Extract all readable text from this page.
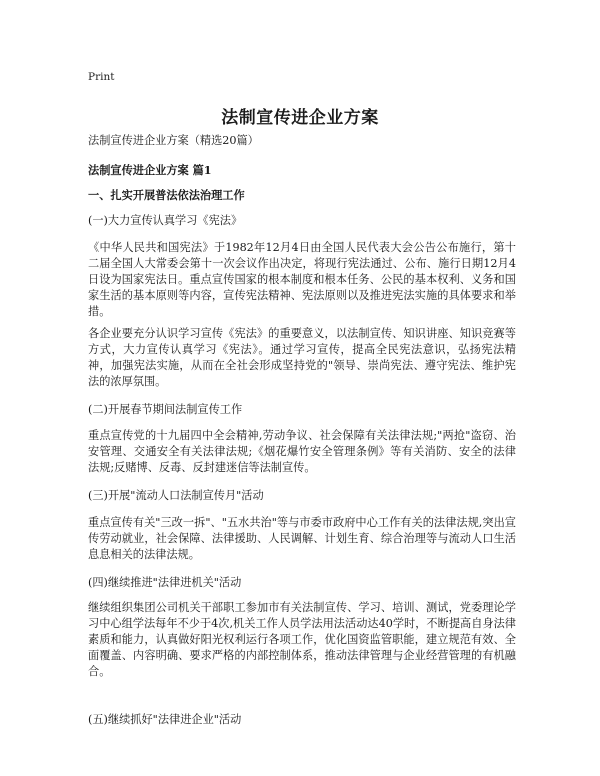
Print
法制宣传进企业方案
法制宣传进企业方案（精选20篇）
法制宣传进企业方案 篇1
一、扎实开展普法依法治理工作
(一)大力宣传认真学习《宪法》
《中华人民共和国宪法》于1982年12月4日由全国人民代表大会公告公布施行，第十二届全国人大常委会第十一次会议作出决定，将现行宪法通过、公布、施行日期12月4日设为国家宪法日。重点宣传国家的根本制度和根本任务、公民的基本权利、义务和国家生活的基本原则等内容，宣传宪法精神、宪法原则以及推进宪法实施的具体要求和举措。
各企业要充分认识学习宣传《宪法》的重要意义，以法制宣传、知识讲座、知识竞赛等方式，大力宣传认真学习《宪法》。通过学习宣传，提高全民宪法意识，弘扬宪法精神，加强宪法实施，从而在全社会形成坚持党的"领导、崇尚宪法、遵守宪法、维护宪法的浓厚氛围。
(二)开展春节期间法制宣传工作
重点宣传党的十九届四中全会精神,劳动争议、社会保障有关法律法规;"两抢"盗窃、治安管理、交通安全有关法律法规;《烟花爆竹安全管理条例》等有关消防、安全的法律法规;反赌博、反毒、反封建迷信等法制宣传。
(三)开展"流动人口法制宣传月"活动
重点宣传有关"三改一拆"、"五水共治"等与市委市政府中心工作有关的法律法规,突出宣传劳动就业，社会保障、法律援助、人民调解、计划生育、综合治理等与流动人口生活息息相关的法律法规。
(四)继续推进"法律进机关"活动
继续组织集团公司机关干部职工参加市有关法制宣传、学习、培训、测试，党委理论学习中心组学法每年不少于4次,机关工作人员学法用法活动达40学时，不断提高自身法律素质和能力，认真做好阳光权利运行各项工作，优化国资监管职能，建立规范有效、全面覆盖、内容明确、要求严格的内部控制体系，推动法律管理与企业经营管理的有机融合。
(五)继续抓好"法律进企业"活动
